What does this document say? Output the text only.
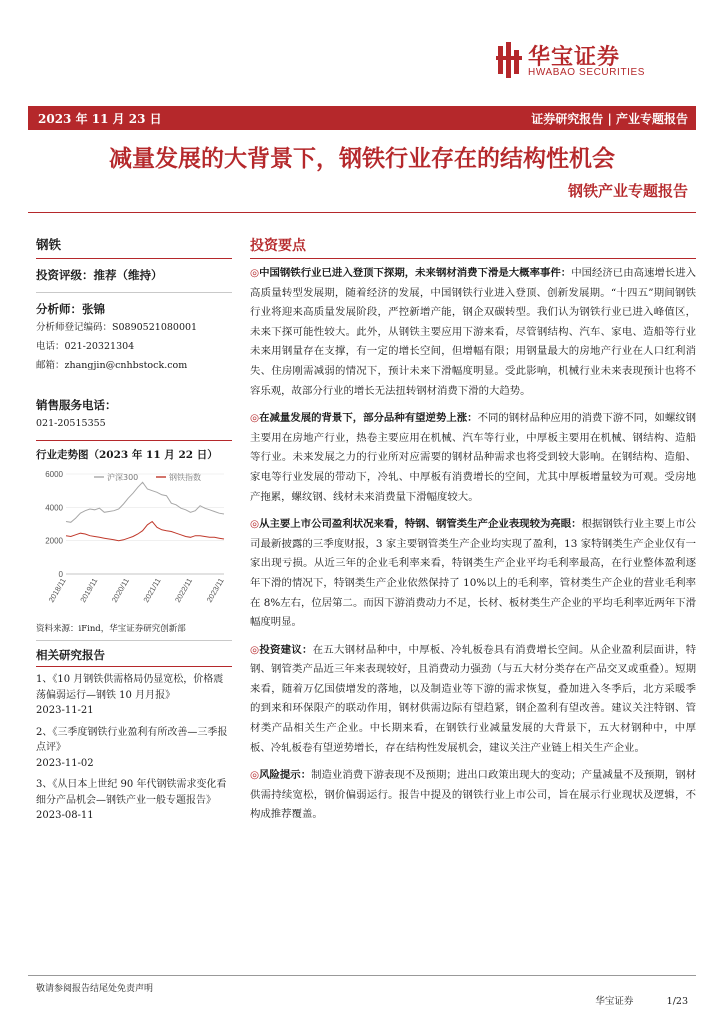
华宝证券
HWABAO SECURITIES
2023 年 11 月 23 日	证券研究报告 | 产业专题报告
减量发展的大背景下，钢铁行业存在的结构性机会
钢铁产业专题报告
钢铁
投资评级：推荐（维持）
分析师：张锦
分析师登记编码：S0890521080001
电话：021-20321304
邮箱：zhangjin@cnhbstock.com
销售服务电话：
021-20515355
行业走势图（2023 年 11 月 22 日）
0
2000
4000
6000
2018/11 2019/11 2020/11 2021/11 2022/11 2023/11
沪深300	钢铁指数
资料来源：iFind，华宝证券研究创新部
相关研究报告
1、《10 月钢铁供需格局仍显宽松，价格震荡偏弱运行—钢铁 10 月月报》
2023-11-21
2、《三季度钢铁行业盈利有所改善—三季报点评》
2023-11-02
3、《从日本上世纪 90 年代钢铁需求变化看细分产品机会—钢铁产业一般专题报告》
2023-08-11
投资要点

◎中国钢铁行业已进入登顶下探期，未来钢材消费下滑是大概率事件：中国经济已由高速增长进入高质量转型发展期，随着经济的发展，中国钢铁行业进入登顶、创新发展期。“十四五”期间钢铁行业将迎来高质量发展阶段，严控新增产能，钢企双碳转型。我们认为钢铁行业已进入峰值区，未来下探可能性较大。此外，从钢铁主要应用下游来看，尽管钢结构、汽车、家电、造船等行业未来用钢量存在支撑，有一定的增长空间，但增幅有限；用钢量最大的房地产行业在人口红利消失、住房刚需减弱的情况下，预计未来下滑幅度明显。受此影响，机械行业未来表现预计也将不容乐观，故部分行业的增长无法扭转钢材消费下滑的大趋势。

◎在减量发展的背景下，部分品种有望逆势上涨：不同的钢材品种应用的消费下游不同，如螺纹钢主要用在房地产行业，热卷主要应用在机械、汽车等行业，中厚板主要用在机械、钢结构、造船等行业。未来发展之力的行业所对应需要的钢材品种需求也将受到较大影响。在钢结构、造船、家电等行业发展的带动下，冷轧、中厚板有消费增长的空间，尤其中厚板增量较为可观。受房地产拖累，螺纹钢、线材未来消费量下滑幅度较大。

◎从主要上市公司盈利状况来看，特钢、钢管类生产企业表现较为亮眼：根据钢铁行业主要上市公司最新披露的三季度财报，3 家主要钢管类生产企业均实现了盈利，13 家特钢类生产企业仅有一家出现亏损。从近三年的企业毛利率来看，特钢类生产企业平均毛利率最高，在行业整体盈利逐年下滑的情况下，特钢类生产企业依然保持了 10%以上的毛利率，管材类生产企业的营业毛利率在 8%左右，位居第二。而因下游消费动力不足，长材、板材类生产企业的平均毛利率近两年下滑幅度明显。

◎投资建议：在五大钢材品种中，中厚板、冷轧板卷具有消费增长空间。从企业盈利层面讲，特钢、钢管类产品近三年来表现较好，且消费动力强劲（与五大材分类存在产品交叉或重叠）。短期来看，随着万亿国债增发的落地，以及制造业等下游的需求恢复，叠加进入冬季后，北方采暖季的到来和环保限产的联动作用，钢材供需边际有望趋紧，钢企盈利有望改善。建议关注特钢、管材类产品相关生产企业。中长期来看，在钢铁行业减量发展的大背景下，五大材钢种中，中厚板、冷轧板卷有望逆势增长，存在结构性发展机会，建议关注产业链上相关生产企业。

◎风险提示：制造业消费下游表现不及预期；进出口政策出现大的变动；产量减量不及预期，钢材供需持续宽松，钢价偏弱运行。报告中提及的钢铁行业上市公司，旨在展示行业现状及逻辑，不构成推荐覆盖。

敬请参阅报告结尾处免责声明
华宝证券	1/23
